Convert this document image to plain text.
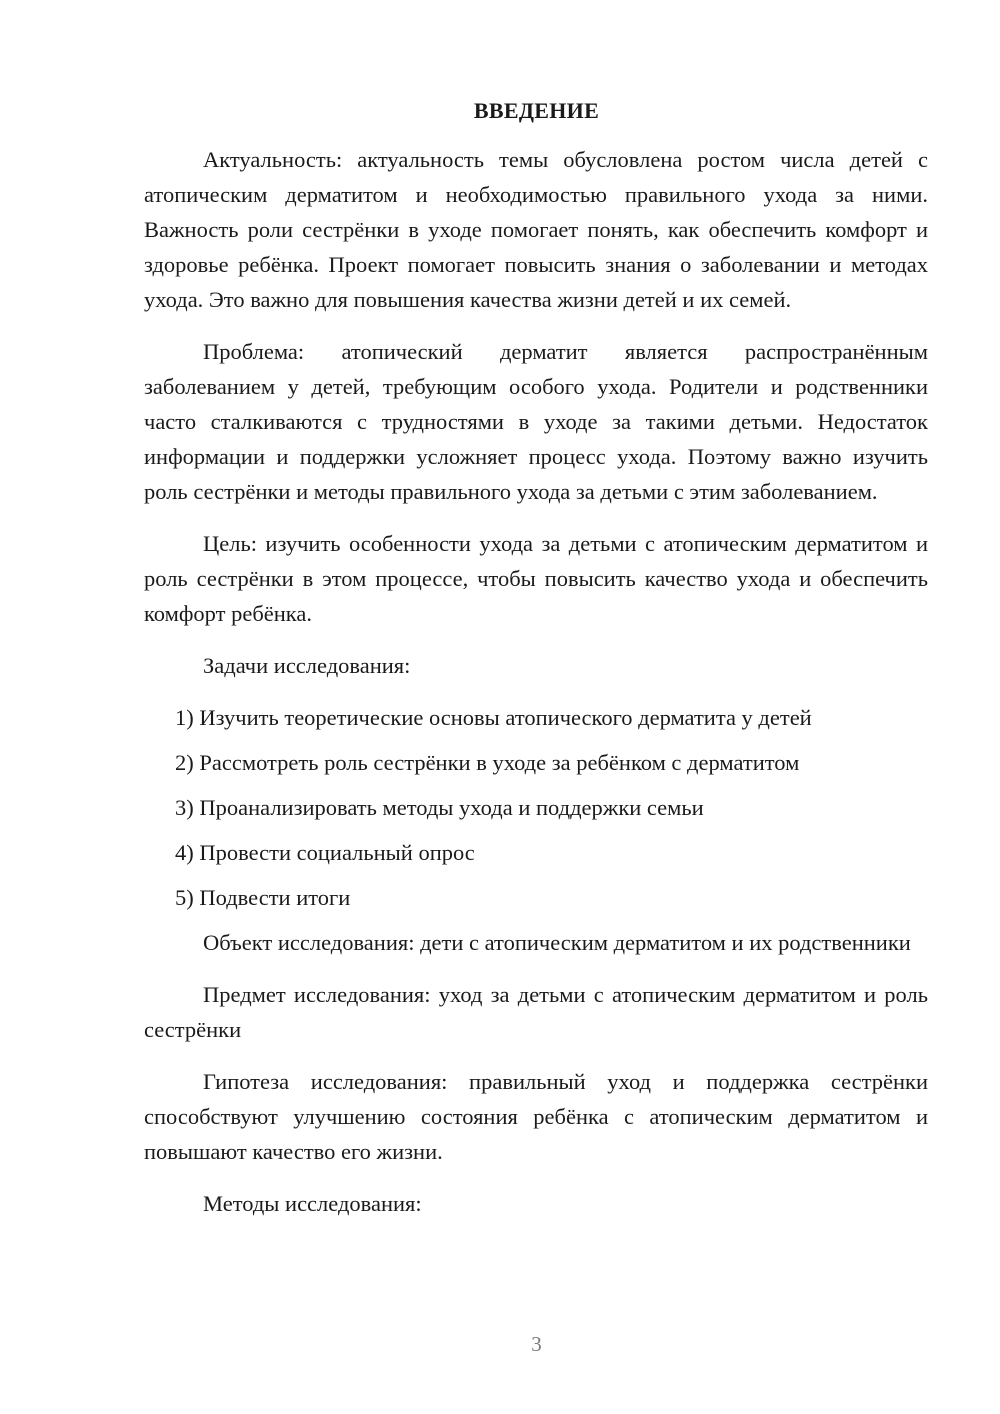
ВВЕДЕНИЕ

Актуальность: актуальность темы обусловлена ростом числа детей с атопическим дерматитом и необходимостью правильного ухода за ними. Важность роли сестрёнки в уходе помогает понять, как обеспечить комфорт и здоровье ребёнка. Проект помогает повысить знания о заболевании и методах ухода. Это важно для повышения качества жизни детей и их семей.

Проблема: атопический дерматит является распространённым заболеванием у детей, требующим особого ухода. Родители и родственники часто сталкиваются с трудностями в уходе за такими детьми. Недостаток информации и поддержки усложняет процесс ухода. Поэтому важно изучить роль сестрёнки и методы правильного ухода за детьми с этим заболеванием.

Цель: изучить особенности ухода за детьми с атопическим дерматитом и роль сестрёнки в этом процессе, чтобы повысить качество ухода и обеспечить комфорт ребёнка.

Задачи исследования:

1) Изучить теоретические основы атопического дерматита у детей
2) Рассмотреть роль сестрёнки в уходе за ребёнком с дерматитом
3) Проанализировать методы ухода и поддержки семьи
4) Провести социальный опрос
5) Подвести итоги

Объект исследования: дети с атопическим дерматитом и их родственники

Предмет исследования: уход за детьми с атопическим дерматитом и роль сестрёнки

Гипотеза исследования: правильный уход и поддержка сестрёнки способствуют улучшению состояния ребёнка с атопическим дерматитом и повышают качество его жизни.

Методы исследования:

3
